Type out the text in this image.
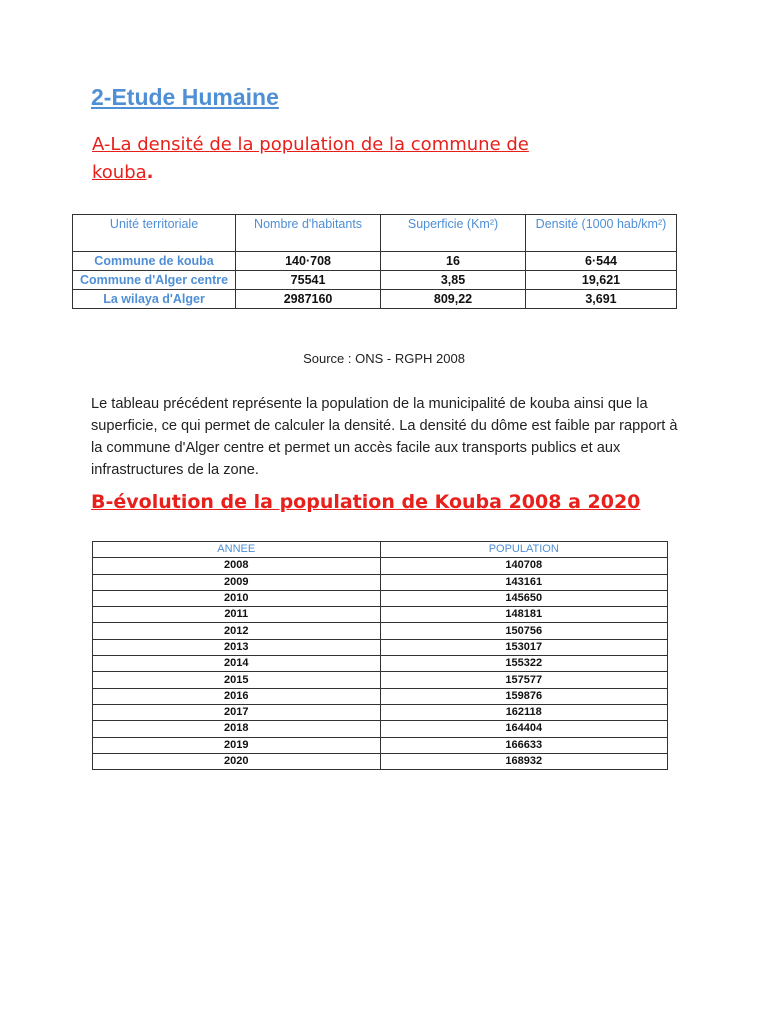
2-Etude Humaine
A-La densité de la population de la commune de kouba.
Unité territoriale	Nombre d'habitants	Superficie (Km²)	Densité (1000 hab/km²)
Commune de kouba	140·708	16	6·544
Commune d'Alger centre	75541	3,85	19,621
La wilaya d'Alger	2987160	809,22	3,691
Source : ONS - RGPH 2008
Le tableau précédent représente la population de la municipalité de kouba ainsi que la superficie, ce qui permet de calculer la densité. La densité du dôme est faible par rapport à la commune d'Alger centre et permet un accès facile aux transports publics et aux infrastructures de la zone.
B-évolution de la population de Kouba 2008 a 2020
ANNEE	POPULATION
2008	140708
2009	143161
2010	145650
2011	148181
2012	150756
2013	153017
2014	155322
2015	157577
2016	159876
2017	162118
2018	164404
2019	166633
2020	168932
